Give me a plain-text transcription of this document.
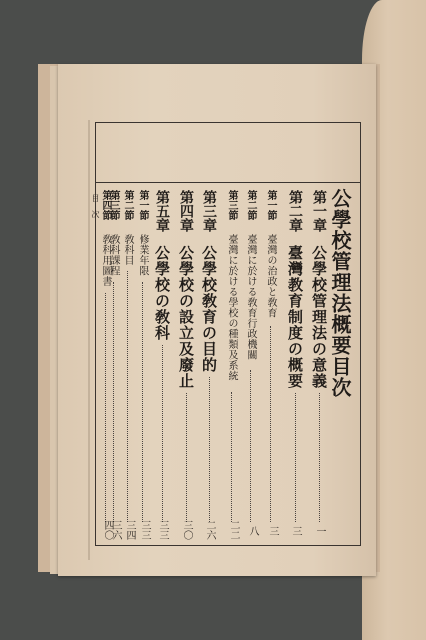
目　次	公學校管理法概要目次
第一章
公學校管理法の意義
一
第二章
臺灣教育制度の概要
三
第一節
臺灣の治政と敎育
三
第二節
臺灣に於ける敎育行政機關
八
第三節
臺灣に於ける學校の種類及系統
二二
第三章
公學校敎育の目的
二六
第四章
公學校の設立及廢止
三〇
第五章
公學校の敎科
三三
第一節
修業年限
三三
第二節
敎科目
三四
第三節
敎科課程
三六
第四節
敎科用圖書
四〇
